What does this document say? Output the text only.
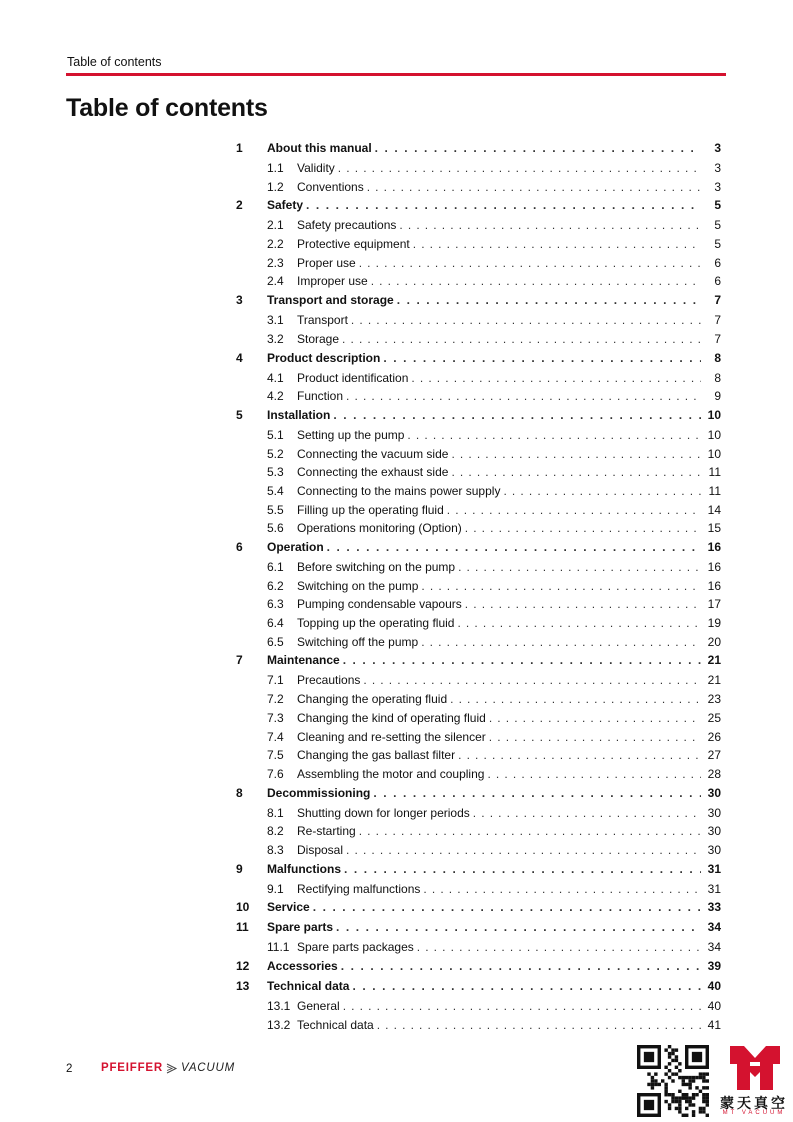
Table of contents
Table of contents
1	About this manual . . .	3
1.1	Validity . . .	3
1.2	Conventions . . .	3
2	Safety . . .	5
2.1	Safety precautions . . .	5
2.2	Protective equipment . . .	5
2.3	Proper use . . .	6
2.4	Improper use . . .	6
3	Transport and storage . . .	7
3.1	Transport . . .	7
3.2	Storage . . .	7
4	Product description . . .	8
4.1	Product identification . . .	8
4.2	Function . . .	9
5	Installation . . .	10
5.1	Setting up the pump . . .	10
5.2	Connecting the vacuum side . . .	10
5.3	Connecting the exhaust side . . .	11
5.4	Connecting to the mains power supply . . .	11
5.5	Filling up the operating fluid . . .	14
5.6	Operations monitoring (Option) . . .	15
6	Operation . . .	16
6.1	Before switching on the pump . . .	16
6.2	Switching on the pump . . .	16
6.3	Pumping condensable vapours . . .	17
6.4	Topping up the operating fluid . . .	19
6.5	Switching off the pump . . .	20
7	Maintenance . . .	21
7.1	Precautions . . .	21
7.2	Changing the operating fluid . . .	23
7.3	Changing the kind of operating fluid . . .	25
7.4	Cleaning and re-setting the silencer . . .	26
7.5	Changing the gas ballast filter . . .	27
7.6	Assembling the motor and coupling . . .	28
8	Decommissioning . . .	30
8.1	Shutting down for longer periods . . .	30
8.2	Re-starting . . .	30
8.3	Disposal . . .	30
9	Malfunctions . . .	31
9.1	Rectifying malfunctions . . .	31
10	Service . . .	33
11	Spare parts . . .	34
11.1 Spare parts packages . . .	34
12	Accessories . . .	39
13	Technical data . . .	40
13.1 General . . .	40
13.2 Technical data . . .	41
2 PFEIFFER VACUUM
蒙天真空
MT VACUUM
